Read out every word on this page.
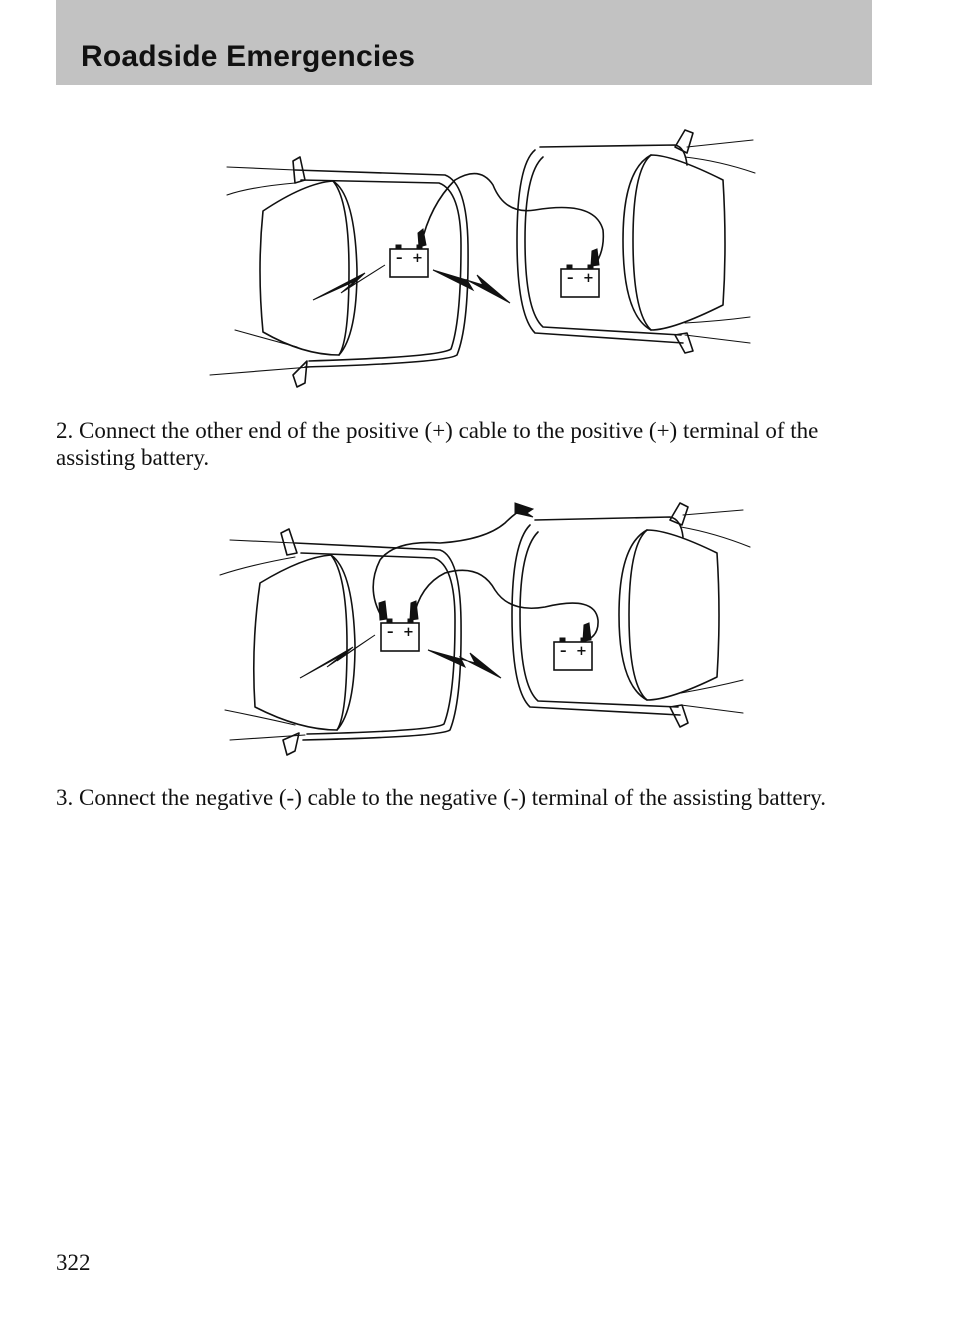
Roadside Emergencies
– +
– +

2. Connect the other end of the positive (+) cable to the positive (+) terminal of the assisting battery.

– +
– +

3. Connect the negative (-) cable to the negative (-) terminal of the assisting battery.

322
